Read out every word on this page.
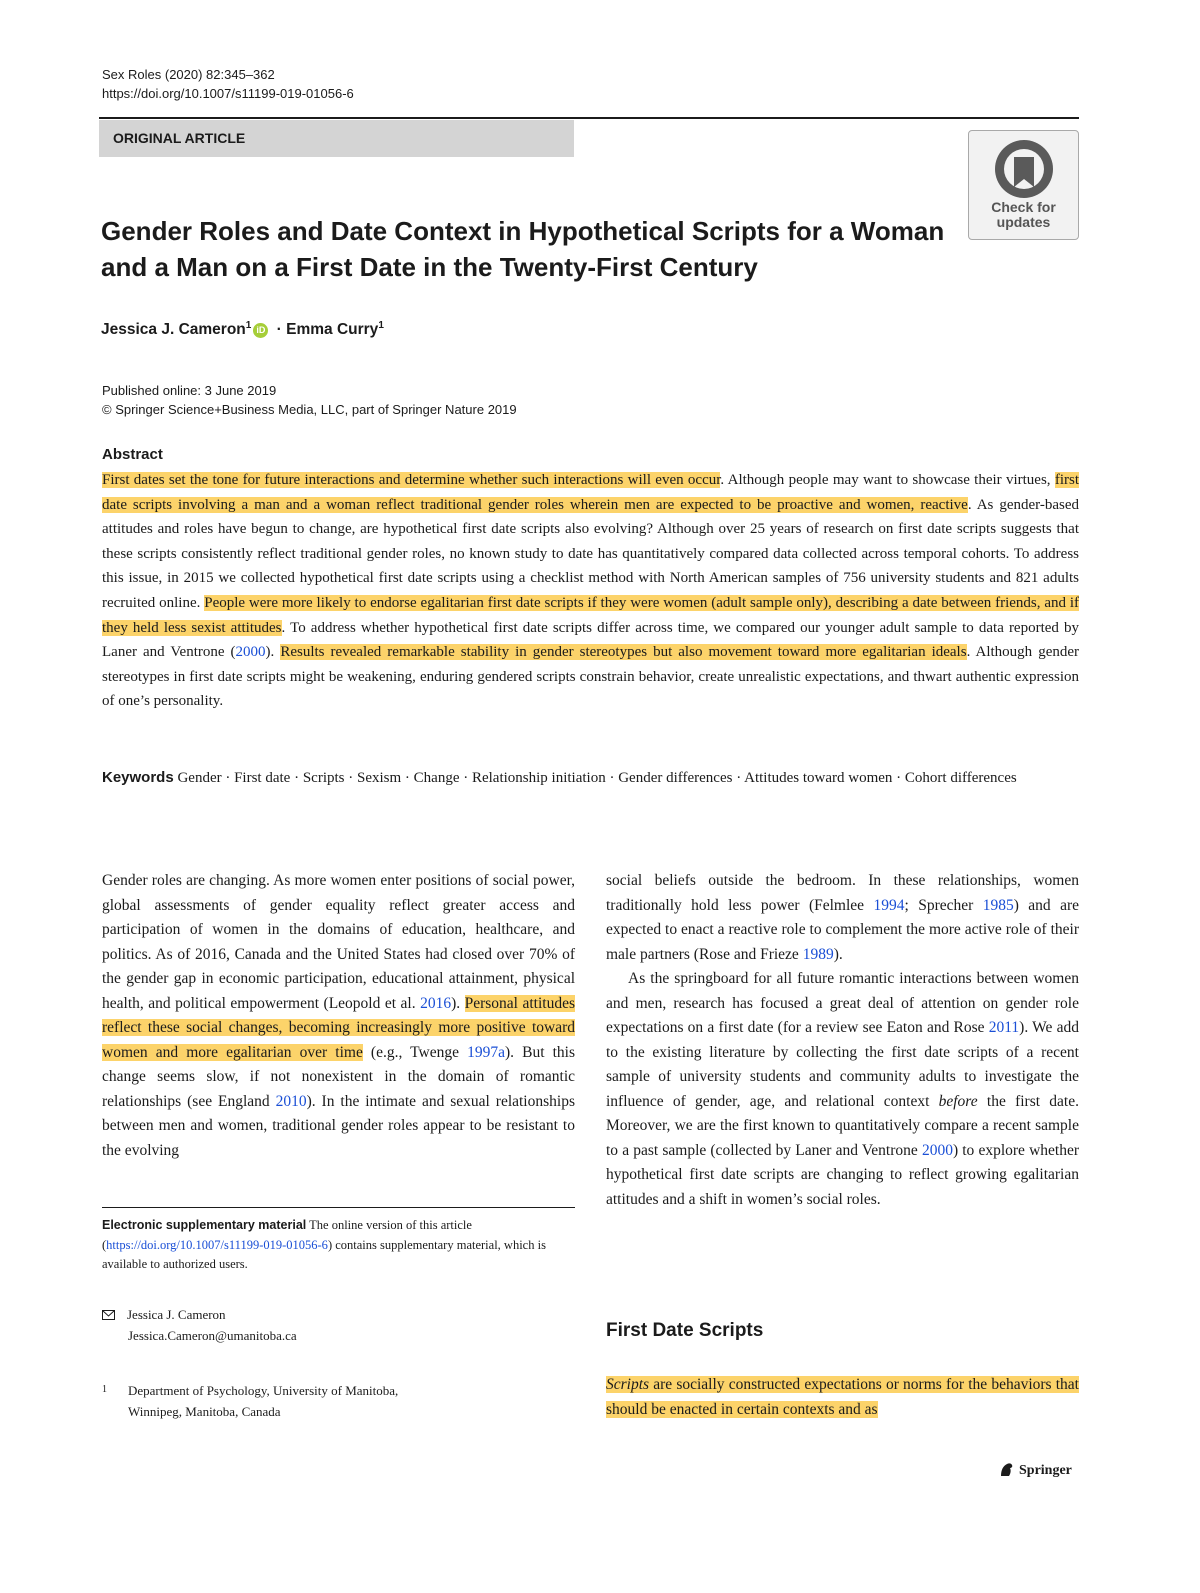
Sex Roles (2020) 82:345–362
https://doi.org/10.1007/s11199-019-01056-6
ORIGINAL ARTICLE
Check for updates
Gender Roles and Date Context in Hypothetical Scripts for a Woman and a Man on a First Date in the Twenty-First Century
Jessica J. Cameron$^1$ iD · Emma Curry$^1$
Published online: 3 June 2019
© Springer Science+Business Media, LLC, part of Springer Nature 2019
Abstract
First dates set the tone for future interactions and determine whether such interactions will even occur. Although people may want to showcase their virtues, first date scripts involving a man and a woman reflect traditional gender roles wherein men are expected to be proactive and women, reactive. As gender-based attitudes and roles have begun to change, are hypothetical first date scripts also evolving? Although over 25 years of research on first date scripts suggests that these scripts consistently reflect traditional gender roles, no known study to date has quantitatively compared data collected across temporal cohorts. To address this issue, in 2015 we collected hypothetical first date scripts using a checklist method with North American samples of 756 university students and 821 adults recruited online. People were more likely to endorse egalitarian first date scripts if they were women (adult sample only), describing a date between friends, and if they held less sexist attitudes. To address whether hypothetical first date scripts differ across time, we compared our younger adult sample to data reported by Laner and Ventrone (2000). Results revealed remarkable stability in gender stereotypes but also movement toward more egalitarian ideals. Although gender stereotypes in first date scripts might be weakening, enduring gendered scripts constrain behavior, create unrealistic expectations, and thwart authentic expression of one’s personality.
Keywords Gender · First date · Scripts · Sexism · Change · Relationship initiation · Gender differences · Attitudes toward women · Cohort differences
Gender roles are changing. As more women enter positions of social power, global assessments of gender equality reflect greater access and participation of women in the domains of education, healthcare, and politics. As of 2016, Canada and the United States had closed over 70% of the gender gap in economic participation, educational attainment, physical health, and political empowerment (Leopold et al. 2016). Personal attitudes reflect these social changes, becoming increasingly more positive toward women and more egalitarian over time (e.g., Twenge 1997a). But this change seems slow, if not nonexistent in the domain of romantic relationships (see England 2010). In the intimate and sexual relationships between men and women, traditional gender roles appear to be resistant to the evolving

social beliefs outside the bedroom. In these relationships, women traditionally hold less power (Felmlee 1994; Sprecher 1985) and are expected to enact a reactive role to complement the more active role of their male partners (Rose and Frieze 1989).

As the springboard for all future romantic interactions between women and men, research has focused a great deal of attention on gender role expectations on a first date (for a review see Eaton and Rose 2011). We add to the existing literature by collecting the first date scripts of a recent sample of university students and community adults to investigate the influence of gender, age, and relational context before the first date. Moreover, we are the first known to quantitatively compare a recent sample to a past sample (collected by Laner and Ventrone 2000) to explore whether hypothetical first date scripts are changing to reflect growing egalitarian attitudes and a shift in women’s social roles.

Electronic supplementary material The online version of this article (https://doi.org/10.1007/s11199-019-01056-6) contains supplementary material, which is available to authorized users.
Jessica J. Cameron
Jessica.Cameron@umanitoba.ca
1 Department of Psychology, University of Manitoba,
Winnipeg, Manitoba, Canada
First Date Scripts
Scripts are socially constructed expectations or norms for the behaviors that should be enacted in certain contexts and as
Springer
